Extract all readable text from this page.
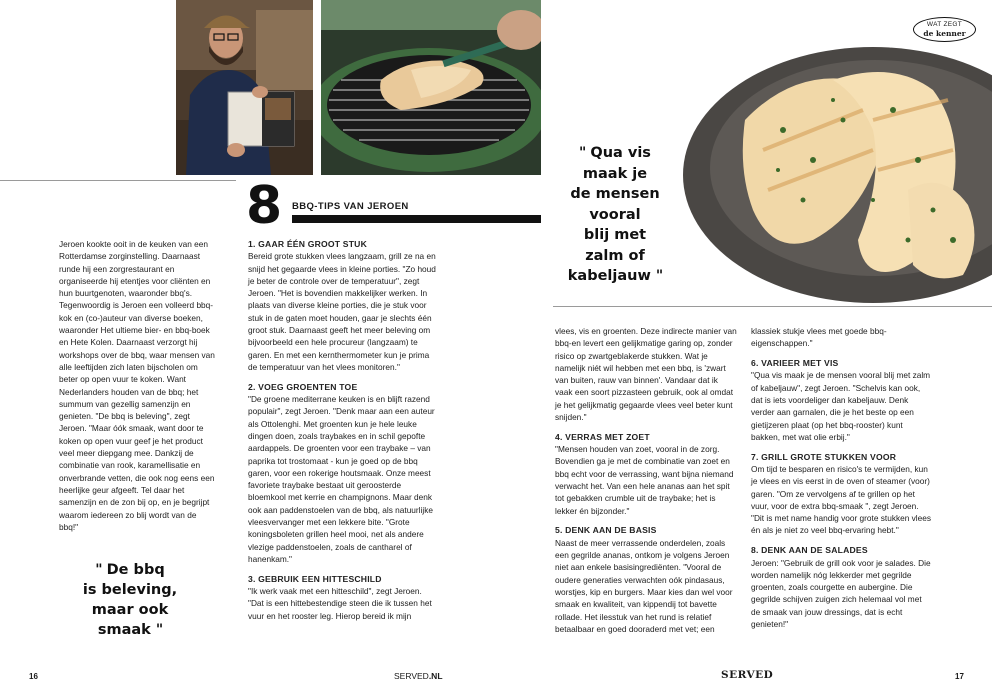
WAT ZEGT
de kenner

Jeroen kookte ooit in de keuken van een Rotterdamse zorginstelling. Daarnaast runde hij een zorgrestaurant en organiseerde hij etentjes voor cliënten en hun buurtgenoten, waaronder bbq's. Tegenwoordig is Jeroen een volleerd bbq-kok en (co-)auteur van diverse boeken, waaronder Het ultieme bier- en bbq-boek en Hete Kolen. Daarnaast verzorgt hij workshops over de bbq, waar mensen van alle leeftijden zich laten bijscholen om beter op open vuur te koken. Want Nederlanders houden van de bbq; het summum van gezellig samenzijn en genieten. "De bbq is beleving", zegt Jeroen. "Maar óók smaak, want door te koken op open vuur geef je het product veel meer diepgang mee. Dankzij de combinatie van rook, karamellisatie en onverbrande vetten, die ook nog eens een heerlijke geur afgeeft. Tel daar het samenzijn en de zon bij op, en je begrijpt waarom iedereen zo blij wordt van de bbq!"

" De bbq
is beleving,
maar ook
smaak "
8 BBQ-TIPS VAN JEROEN
1. GAAR ÉÉN GROOT STUK

Bereid grote stukken vlees langzaam, grill ze na en snijd het gegaarde vlees in kleine porties. "Zo houd je beter de controle over de temperatuur", zegt Jeroen. "Het is bovendien makkelijker werken. In plaats van diverse kleine porties, die je stuk voor stuk in de gaten moet houden, gaar je slechts één groot stuk. Daarnaast geeft het meer beleving om bijvoorbeeld een hele procureur (langzaam) te garen. En met een kernthermometer kun je prima de temperatuur van het vlees monitoren."

2. VOEG GROENTEN TOE

"De groene mediterrane keuken is en blijft razend populair", zegt Jeroen. "Denk maar aan een auteur als Ottolenghi. Met groenten kun je hele leuke dingen doen, zoals traybakes en in schil gepofte aardappels. De groenten voor een traybake – van paprika tot trostomaat - kun je goed op de bbq garen, voor een rokerige houtsmaak. Onze meest favoriete traybake bestaat uit geroosterde bloemkool met kerrie en champignons. Maar denk ook aan paddenstoelen van de bbq, als natuurlijke vleesvervanger met een lekkere bite. "Grote koningsboleten grillen heel mooi, net als andere vlezige paddenstoelen, zoals de cantharel of hanenkam."

3. GEBRUIK EEN HITTESCHILD

"Ik werk vaak met een hitteschild", zegt Jeroen. "Dat is een hittebestendige steen die ik tussen het vuur en het rooster leg. Hierop bereid ik mijn

" Qua vis
maak je
de mensen
vooral
blij met
zalm of
kabeljauw "

vlees, vis en groenten. Deze indirecte manier van bbq-en levert een gelijkmatige garing op, zonder risico op zwartgeblakerde stukken. Wat je namelijk niét wil hebben met een bbq, is 'zwart van buiten, rauw van binnen'. Vandaar dat ik vaak een soort pizzasteen gebruik, ook al omdat je het gelijkmatig gegaarde vlees veel beter kunt snijden."

4. VERRAS MET ZOET

"Mensen houden van zoet, vooral in de zorg. Bovendien ga je met de combinatie van zoet en bbq echt voor de verrassing, want bijna niemand verwacht het. Van een hele ananas aan het spit tot gebakken crumble uit de traybake; het is lekker én bijzonder."

5. DENK AAN DE BASIS

Naast de meer verrassende onderdelen, zoals een gegrilde ananas, ontkom je volgens Jeroen niet aan enkele basisingrediënten. "Vooral de oudere generaties verwachten oók pindasaus, worstjes, kip en burgers. Maar kies dan wel voor smaak en kwaliteit, van kippendij tot bavette rollade. Het ilesstuk van het rund is relatief betaalbaar en goed dooraderd met vet; een

klassiek stukje vlees met goede bbq-eigenschappen."

6. VARIEER MET VIS

"Qua vis maak je de mensen vooral blij met zalm of kabeljauw", zegt Jeroen. "Schelvis kan ook, dat is iets voordeliger dan kabeljauw. Denk verder aan garnalen, die je het beste op een gietijzeren plaat (op het bbq-rooster) kunt bakken, met wat olie erbij."

7. GRILL GROTE STUKKEN VOOR

Om tijd te besparen en risico's te vermijden, kun je vlees en vis eerst in de oven of steamer (voor) garen. "Om ze vervolgens af te grillen op het vuur, voor de extra bbq-smaak ", zegt Jeroen. "Dit is met name handig voor grote stukken vlees én als je niet zo veel bbq-ervaring hebt."

8. DENK AAN DE SALADES

Jeroen: "Gebruik de grill ook voor je salades. Die worden namelijk nóg lekkerder met gegrilde groenten, zoals courgette en aubergine. Die gegrilde schijven zuigen zich helemaal vol met de smaak van jouw dressings, dat is echt genieten!"

16	SERVED.NL	SERVED	17
